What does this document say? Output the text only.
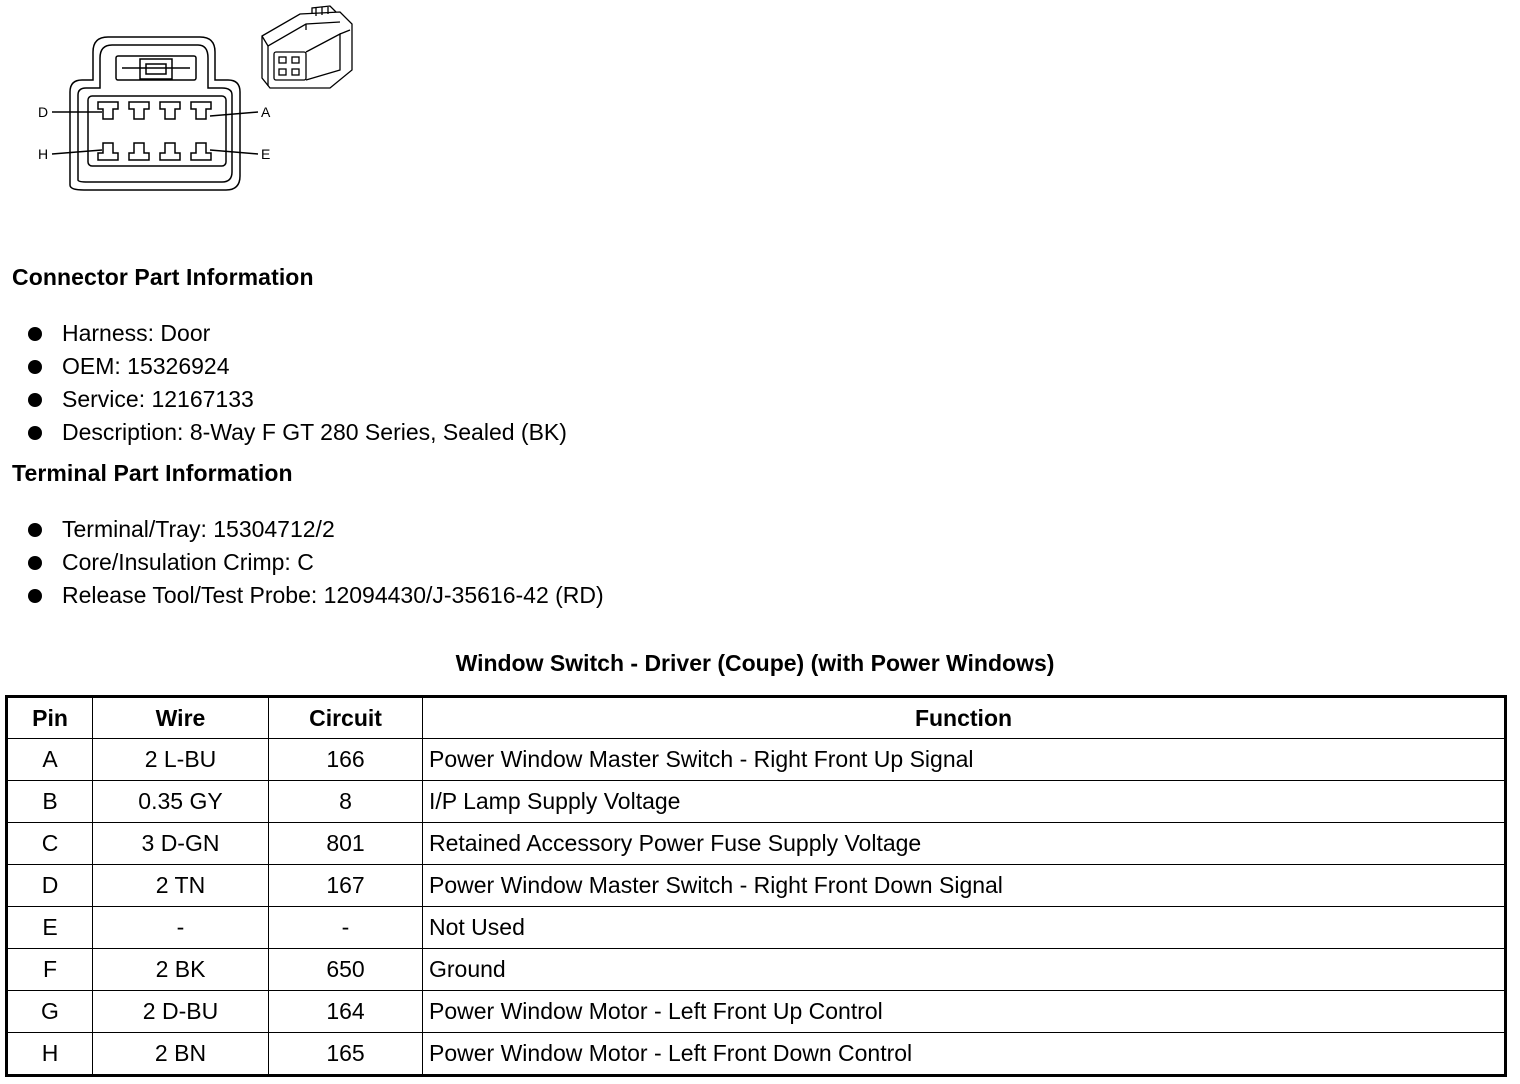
D	A
H	E
Connector Part Information
Harness: Door
OEM: 15326924
Service: 12167133
Description: 8-Way F GT 280 Series, Sealed (BK)
Terminal Part Information
Terminal/Tray: 15304712/2
Core/Insulation Crimp: C
Release Tool/Test Probe: 12094430/J-35616-42 (RD)
Window Switch - Driver (Coupe) (with Power Windows)
Pin	Wire	Circuit	Function
A	2 L-BU	166	Power Window Master Switch - Right Front Up Signal
B	0.35 GY	8	I/P Lamp Supply Voltage
C	3 D-GN	801	Retained Accessory Power Fuse Supply Voltage
D	2 TN	167	Power Window Master Switch - Right Front Down Signal
E	-	-	Not Used
F	2 BK	650	Ground
G	2 D-BU	164	Power Window Motor - Left Front Up Control
H	2 BN	165	Power Window Motor - Left Front Down Control
